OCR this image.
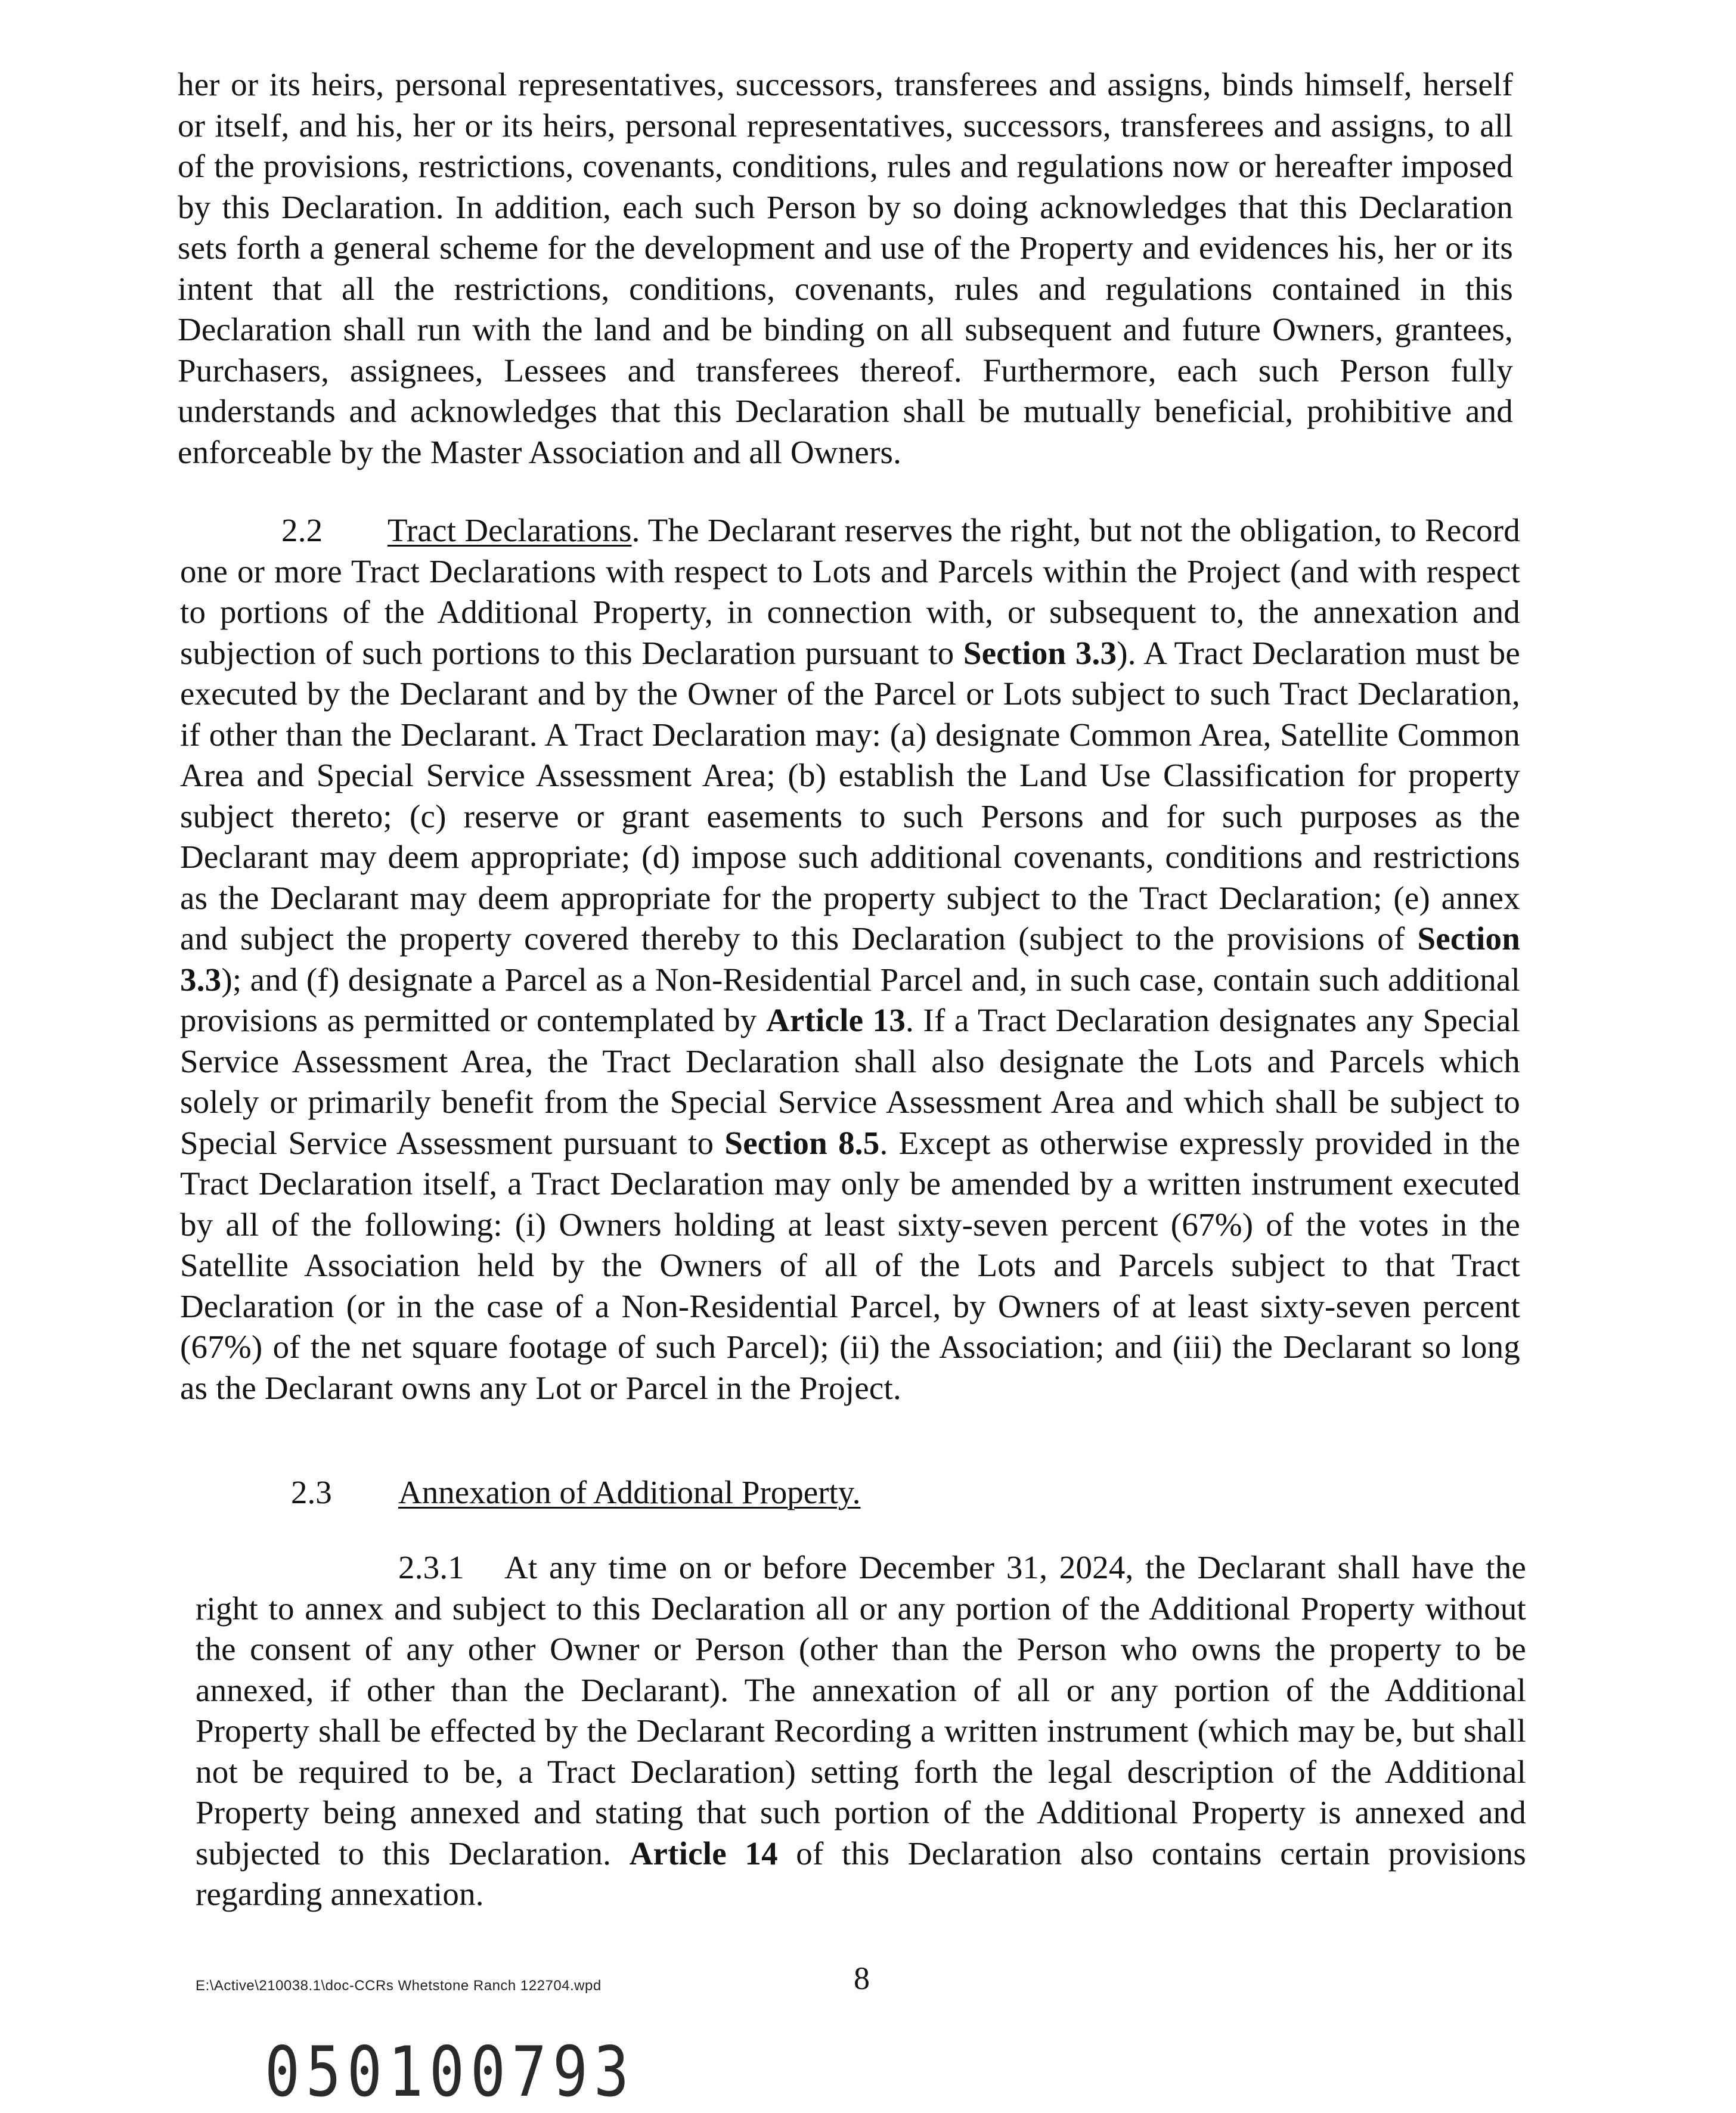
her or its heirs, personal representatives, successors, transferees and assigns, binds himself, herself or itself, and his, her or its heirs, personal representatives, successors, transferees and assigns, to all of the provisions, restrictions, covenants, conditions, rules and regulations now or hereafter imposed by this Declaration. In addition, each such Person by so doing acknowledges that this Declaration sets forth a general scheme for the development and use of the Property and evidences his, her or its intent that all the restrictions, conditions, covenants, rules and regulations contained in this Declaration shall run with the land and be binding on all subsequent and future Owners, grantees, Purchasers, assignees, Lessees and transferees thereof. Furthermore, each such Person fully understands and acknowledges that this Declaration shall be mutually beneficial, prohibitive and enforceable by the Master Association and all Owners.
2.2 Tract Declarations. The Declarant reserves the right, but not the obligation, to Record one or more Tract Declarations with respect to Lots and Parcels within the Project (and with respect to portions of the Additional Property, in connection with, or subsequent to, the annexation and subjection of such portions to this Declaration pursuant to Section 3.3). A Tract Declaration must be executed by the Declarant and by the Owner of the Parcel or Lots subject to such Tract Declaration, if other than the Declarant. A Tract Declaration may: (a) designate Common Area, Satellite Common Area and Special Service Assessment Area; (b) establish the Land Use Classification for property subject thereto; (c) reserve or grant easements to such Persons and for such purposes as the Declarant may deem appropriate; (d) impose such additional covenants, conditions and restrictions as the Declarant may deem appropriate for the property subject to the Tract Declaration; (e) annex and subject the property covered thereby to this Declaration (subject to the provisions of Section 3.3); and (f) designate a Parcel as a Non-Residential Parcel and, in such case, contain such additional provisions as permitted or contemplated by Article 13. If a Tract Declaration designates any Special Service Assessment Area, the Tract Declaration shall also designate the Lots and Parcels which solely or primarily benefit from the Special Service Assessment Area and which shall be subject to Special Service Assessment pursuant to Section 8.5. Except as otherwise expressly provided in the Tract Declaration itself, a Tract Declaration may only be amended by a written instrument executed by all of the following: (i) Owners holding at least sixty-seven percent (67%) of the votes in the Satellite Association held by the Owners of all of the Lots and Parcels subject to that Tract Declaration (or in the case of a Non-Residential Parcel, by Owners of at least sixty-seven percent (67%) of the net square footage of such Parcel); (ii) the Association; and (iii) the Declarant so long as the Declarant owns any Lot or Parcel in the Project.
2.3 Annexation of Additional Property.
2.3.1 At any time on or before December 31, 2024, the Declarant shall have the right to annex and subject to this Declaration all or any portion of the Additional Property without the consent of any other Owner or Person (other than the Person who owns the property to be annexed, if other than the Declarant). The annexation of all or any portion of the Additional Property shall be effected by the Declarant Recording a written instrument (which may be, but shall not be required to be, a Tract Declaration) setting forth the legal description of the Additional Property being annexed and stating that such portion of the Additional Property is annexed and subjected to this Declaration. Article 14 of this Declaration also contains certain provisions regarding annexation.
E:\Active\210038.1\doc-CCRs Whetstone Ranch 122704.wpd	8
050100793
